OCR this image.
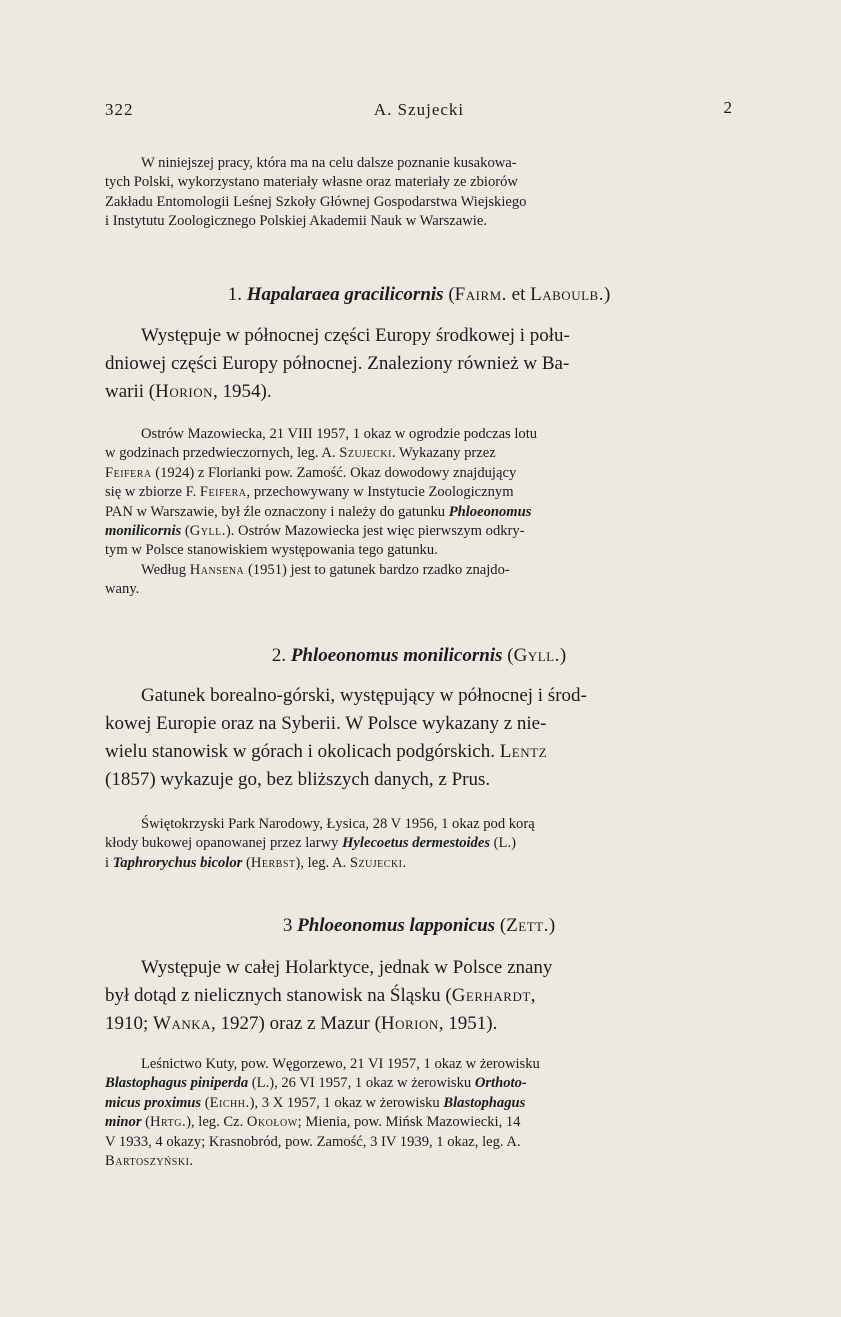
322	A. Szujecki	2
W niniejszej pracy, która ma na celu dalsze poznanie kusakowa-
tych Polski, wykorzystano materiały własne oraz materiały ze zbiorów
Zakładu Entomologii Leśnej Szkoły Głównej Gospodarstwa Wiejskiego
i Instytutu Zoologicznego Polskiej Akademii Nauk w Warszawie.
1. Hapalaraea gracilicornis (Fairm. et Laboulb.)
Występuje w północnej części Europy środkowej i połu-
dniowej części Europy północnej. Znaleziony również w Ba-
warii (Horion, 1954).
Ostrów Mazowiecka, 21 VIII 1957, 1 okaz w ogrodzie podczas lotu
w godzinach przedwieczornych, leg. A. Szujecki. Wykazany przez
Feifera (1924) z Florianki pow. Zamość. Okaz dowodowy znajdujący
się w zbiorze F. Feifera, przechowywany w Instytucie Zoologicznym
PAN w Warszawie, był źle oznaczony i należy do gatunku Phloeonomus
monilicornis (Gyll.). Ostrów Mazowiecka jest więc pierwszym odkry-
tym w Polsce stanowiskiem występowania tego gatunku.
Według Hansena (1951) jest to gatunek bardzo rzadko znajdo-
wany.
2. Phloeonomus monilicornis (Gyll.)
Gatunek borealno-górski, występujący w północnej i środ-
kowej Europie oraz na Syberii. W Polsce wykazany z nie-
wielu stanowisk w górach i okolicach podgórskich. Lentz
(1857) wykazuje go, bez bliższych danych, z Prus.
Świętokrzyski Park Narodowy, Łysica, 28 V 1956, 1 okaz pod korą
kłody bukowej opanowanej przez larwy Hylecoetus dermestoides (L.)
i Taphrorychus bicolor (Herbst), leg. A. Szujecki.
3 Phloeonomus lapponicus (Zett.)
Występuje w całej Holarktyce, jednak w Polsce znany
był dotąd z nielicznych stanowisk na Śląsku (Gerhardt,
1910; Wanka, 1927) oraz z Mazur (Horion, 1951).
Leśnictwo Kuty, pow. Węgorzewo, 21 VI 1957, 1 okaz w żerowisku
Blastophagus piniperda (L.), 26 VI 1957, 1 okaz w żerowisku Orthoto-
micus proximus (Eichh.), 3 X 1957, 1 okaz w żerowisku Blastophagus
minor (Hrtg.), leg. Cz. Okołow; Mienia, pow. Mińsk Mazowiecki, 14
V 1933, 4 okazy; Krasnobród, pow. Zamość, 3 IV 1939, 1 okaz, leg. A.
Bartoszyński.
